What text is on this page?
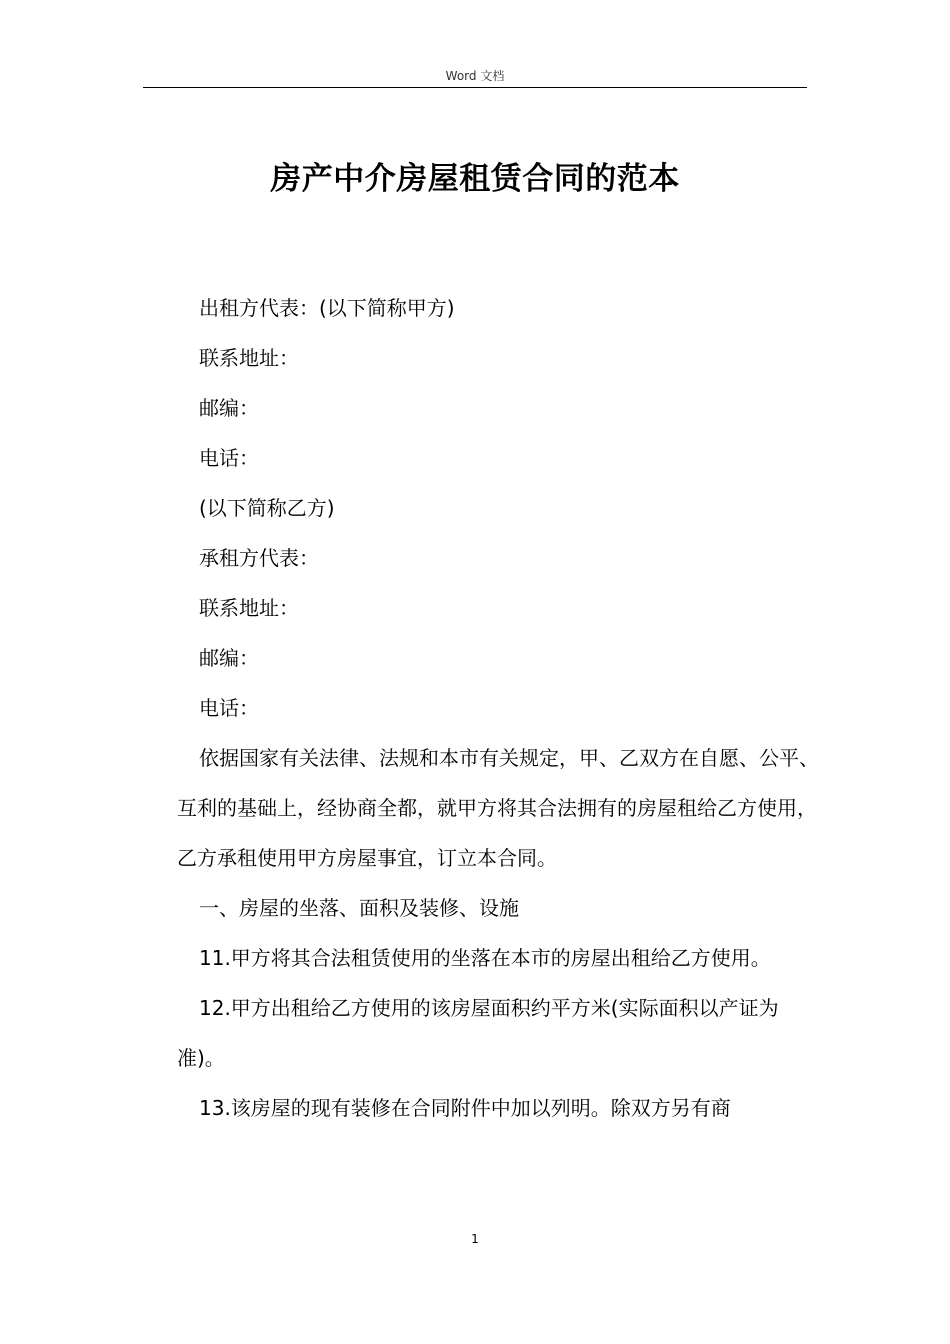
Word 文档
房产中介房屋租赁合同的范本

出租方代表：(以下简称甲方)

联系地址：

邮编：

电话：

(以下简称乙方)

承租方代表：

联系地址：

邮编：

电话：

依据国家有关法律、法规和本市有关规定，甲、乙双方在自愿、公平、互利的基础上，经协商全都，就甲方将其合法拥有的房屋租给乙方使用，乙方承租使用甲方房屋事宜，订立本合同。

一、房屋的坐落、面积及装修、设施

11.甲方将其合法租赁使用的坐落在本市的房屋出租给乙方使用。

12.甲方出租给乙方使用的该房屋面积约平方米(实际面积以产证为准)。

13.该房屋的现有装修在合同附件中加以列明。除双方另有商

1
